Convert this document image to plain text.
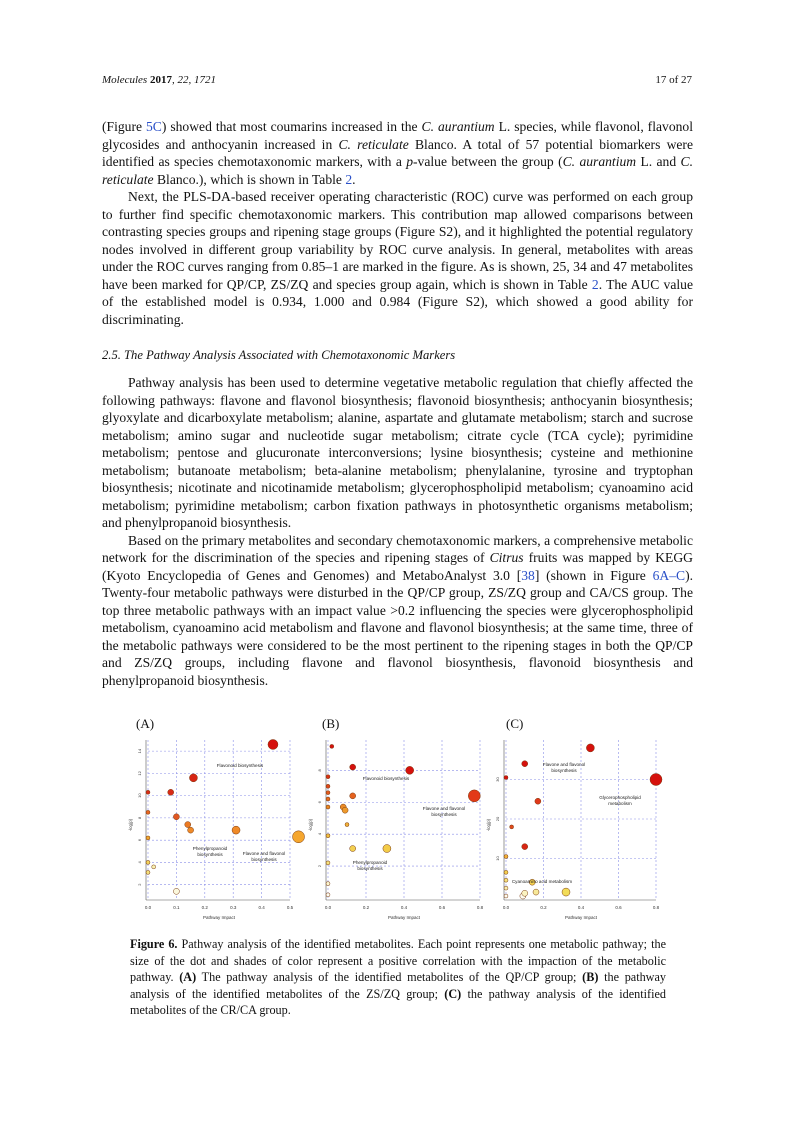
Molecules 2017, 22, 1721	17 of 27

(Figure 5C) showed that most coumarins increased in the C. aurantium L. species, while flavonol, flavonol glycosides and anthocyanin increased in C. reticulate Blanco. A total of 57 potential biomarkers were identified as species chemotaxonomic markers, with a p-value between the group (C. aurantium L. and C. reticulate Blanco.), which is shown in Table 2.

Next, the PLS-DA-based receiver operating characteristic (ROC) curve was performed on each group to further find specific chemotaxonomic markers. This contribution map allowed comparisons between contrasting species groups and ripening stage groups (Figure S2), and it highlighted the potential regulatory nodes involved in different group variability by ROC curve analysis. In general, metabolites with areas under the ROC curves ranging from 0.85–1 are marked in the figure. As is shown, 25, 34 and 47 metabolites have been marked for QP/CP, ZS/ZQ and species group again, which is shown in Table 2. The AUC value of the established model is 0.934, 1.000 and 0.984 (Figure S2), which showed a good ability for discriminating.

2.5. The Pathway Analysis Associated with Chemotaxonomic Markers

Pathway analysis has been used to determine vegetative metabolic regulation that chiefly affected the following pathways: flavone and flavonol biosynthesis; flavonoid biosynthesis; anthocyanin biosynthesis; glyoxylate and dicarboxylate metabolism; alanine, aspartate and glutamate metabolism; starch and sucrose metabolism; amino sugar and nucleotide sugar metabolism; citrate cycle (TCA cycle); pyrimidine metabolism; pentose and glucuronate interconversions; lysine biosynthesis; cysteine and methionine metabolism; butanoate metabolism; beta-alanine metabolism; phenylalanine, tyrosine and tryptophan biosynthesis; nicotinate and nicotinamide metabolism; glycerophospholipid metabolism; cyanoamino acid metabolism; pyrimidine metabolism; carbon fixation pathways in photosynthetic organisms metabolism; and phenylpropanoid biosynthesis.

Based on the primary metabolites and secondary chemotaxonomic markers, a comprehensive metabolic network for the discrimination of the species and ripening stages of Citrus fruits was mapped by KEGG (Kyoto Encyclopedia of Genes and Genomes) and MetaboAnalyst 3.0 [38] (shown in Figure 6A–C). Twenty-four metabolic pathways were disturbed in the QP/CP group, ZS/ZQ group and CA/CS group. The top three metabolic pathways with an impact value >0.2 influencing the species were glycerophospholipid metabolism, cyanoamino acid metabolism and flavone and flavonol biosynthesis; at the same time, three of the metabolic pathways were considered to be the most pertinent to the ripening stages in both the QP/CP and ZS/ZQ groups, including flavone and flavonol biosynthesis, flavonoid biosynthesis and phenylpropanoid biosynthesis.

(A)	(B)	(C)
0.0	0.1	0.2	0.3	0.4	0.5
2
4
6
8
10
12
14
Pathway Impact
-log(p)
Flavonoid biosynthesis
Phenylpropanoid biosynthesis	Flavone and flavonol biosynthesis
0.0	0.2	0.4	0.6	0.8
2
4
6
8
Pathway Impact
-log(p)
Flavonoid biosynthesis
Flavone and flavonol biosynthesis
Phenylpropanoid biosynthesis
0.0	0.2	0.4	0.6	0.8
10
20
30
Pathway Impact
-log(p)
Flavone and flavonol biosynthesis
Glycerophospholipid metabolism
Cyanoamino acid metabolism
Figure 6. Pathway analysis of the identified metabolites. Each point represents one metabolic pathway; the size of the dot and shades of color represent a positive correlation with the impaction of the metabolic pathway. (A) The pathway analysis of the identified metabolites of the QP/CP group; (B) the pathway analysis of the identified metabolites of the ZS/ZQ group; (C) the pathway analysis of the identified metabolites of the CR/CA group.
